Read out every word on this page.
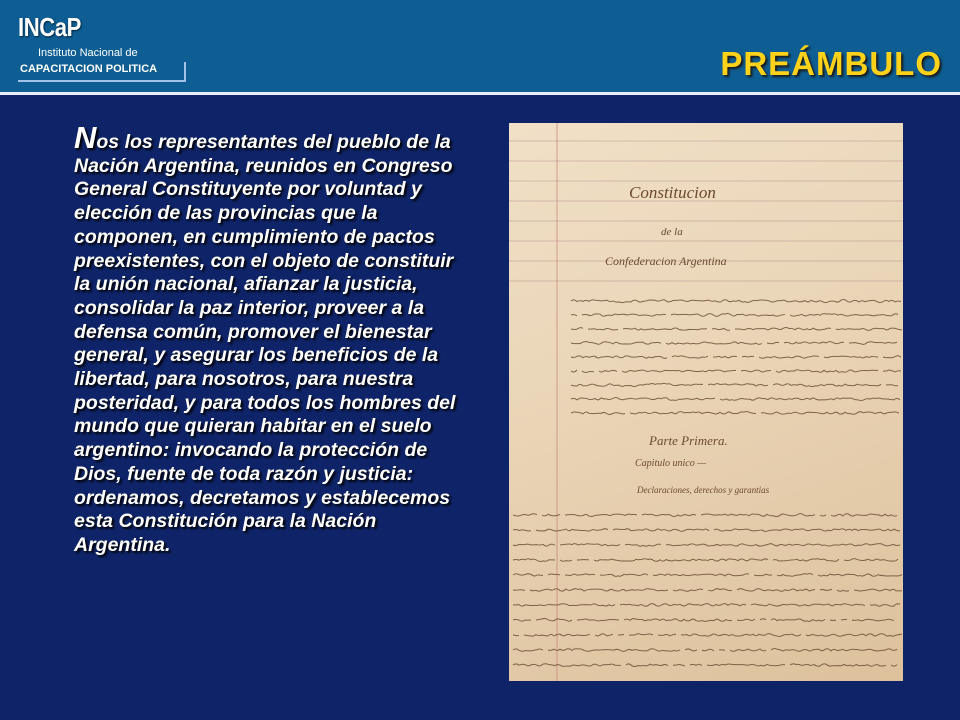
INCaP
Instituto Nacional de
CAPACITACION POLITICA	PREÁMBULO
Nos los representantes del pueblo de la Nación Argentina, reunidos en Congreso General Constituyente por voluntad y elección de las provincias que la componen, en cumplimiento de pactos preexistentes, con el objeto de constituir la unión nacional, afianzar la justicia, consolidar la paz interior, proveer a la defensa común, promover el bienestar general, y asegurar los beneficios de la libertad, para nosotros, para nuestra posteridad, y para todos los hombres del mundo que quieran habitar en el suelo argentino: invocando la protección de Dios, fuente de toda razón y justicia: ordenamos, decretamos y establecemos esta Constitución para la Nación Argentina.
Constitucion
de la
Confederacion Argentina
Parte Primera.
Capitulo unico —
Declaraciones, derechos y garantias
